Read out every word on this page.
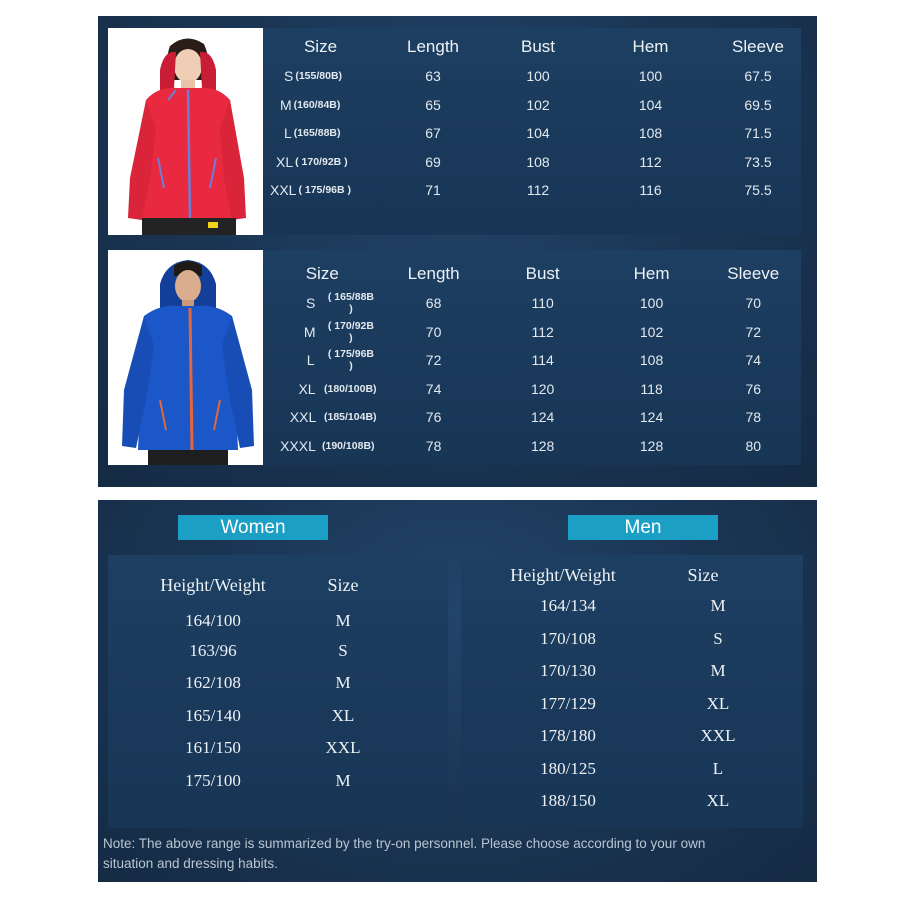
Size	Length	Bust	Hem	Sleeve

S (155/80B)	63	100	100	67.5

M (160/84B)	65	102	104	69.5

L (165/88B)	67	104	108	71.5

XL ( 170/92B )	69	108	112	73.5

XXL ( 175/96B )	71	112	116	75.5
Size	Length	Bust	Hem	Sleeve

S ( 165/88B )	68	110	100	70

M ( 170/92B )	70	112	102	72

L ( 175/96B )	72	114	108	74

XL (180/100B)	74	120	118	76

XXL (185/104B)	76	124	124	78

XXXL (190/108B)	78	128	128	80
Women	Men
Height/Weight	Size
164/100	M
163/96	S
162/108	M
165/140	XL
161/150	XXL
175/100	M
Height/Weight	Size
164/134	M
170/108	S
170/130	M
177/129	XL
178/180	XXL
180/125	L
188/150	XL
Note: The above range is summarized by the try-on personnel. Please choose according to your own situation and dressing habits.
